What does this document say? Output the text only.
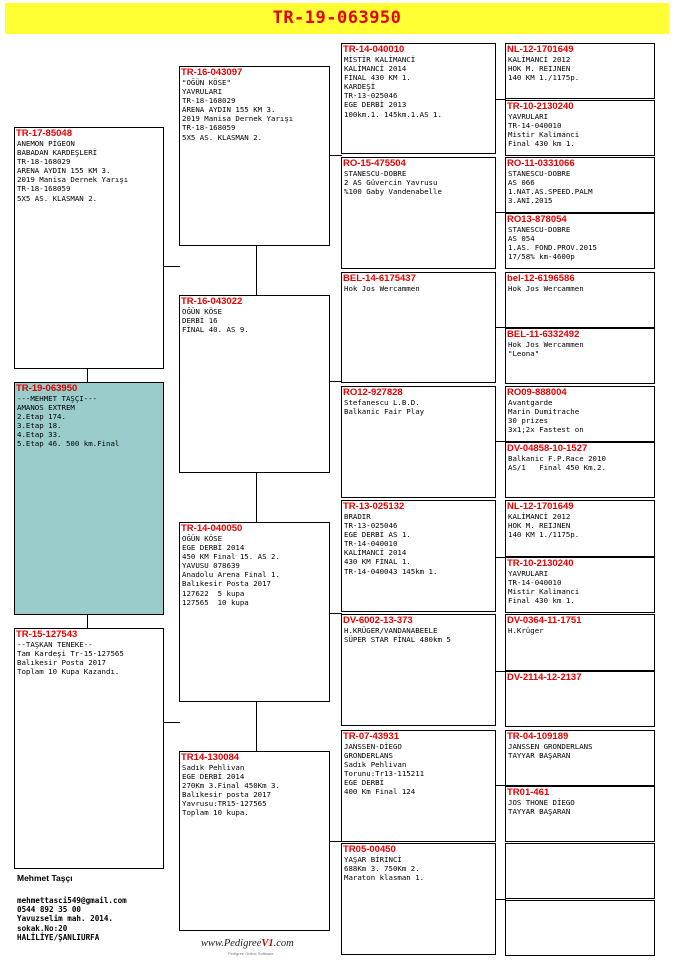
TR-19-063950
TR-17-85048
ANEMON PİGEON
BABADAN KARDEŞLERİ
TR-18-168029
ARENA AYDIN 155 KM 3.
2019 Manisa Dernek Yarışı
TR-18-168059
5X5 AS. KLASMAN 2.
TR-19-063950
---MEHMET TAŞÇI---
AMANOS EXTREM
2.Etap 174.
3.Etap 18.
4.Etap 33.
5.Etap 46. 500 km.Final
TR-15-127543
--TAŞKAN TENEKE--
Tam Kardeşi Tr-15-127565
Balıkesir Posta 2017
Toplam 10 Kupa Kazandı.
TR-16-043097
"OĞÜN KÖSE"
YAVRULARI
TR-18-168029
ARENA AYDIN 155 KM 3.
2019 Manisa Dernek Yarışı
TR-18-168059
5X5 AS. KLASMAN 2.
TR-16-043022
OĞÜN KÖSE
DERBİ 16
FİNAL 40. AS 9.
TR-14-040050
OĞÜN KÖSE
EGE DERBİ 2014
450 KM Final 15. AS 2.
YAVUSU 078639
Anadolu Arena Final 1.
Balıkesir Posta 2017
127622  5 kupa
127565  10 kupa
TR14-130084
Sadık Pehlivan
EGE DERBİ 2014
270Km 3.Final 450Km 3.
Balıkesir posta 2017
Yavrusu:TR15-127565
Toplam 10 kupa.
TR-14-040010
MİSTİR KALİMANCİ
KALİMANCİ 2014
FİNAL 430 KM 1.
KARDEŞİ
TR-13-025046
EGE DERBİ 2013
100km.1. 145km.1.AS 1.
RO-15-475504
STANESCU-DOBRE
2 AS Güvercin Yavrusu
%100 Gaby Vandenabelle
BEL-14-6175437
Hok Jos Wercammen
RO12-927828
Stefanescu L.B.D.
Balkanic Fair Play
TR-13-025132
BRADIR
TR-13-025046
EGE DERBİ AS 1.
TR-14-040010
KALİMANCİ 2014
430 KM FİNAL 1.
TR-14-040043 145km 1.
DV-6002-13-373
H.KRÜGER/VANDANABEELE
SÜPER STAR FİNAL 480km 5
TR-07-43931
JANSSEN-DİEGO
GRONDERLANS
Sadık Pehlivan
Torunu:Tr13-115211
EGE DERBİ
400 Km Final 124
TR05-00450
YAŞAR BİRİNCİ
688Km 3. 750Km 2.
Maraton klasman 1.
NL-12-1701649
KALİMANCİ 2012
HOK M. REIJNEN
140 KM 1./1175p.
TR-10-2130240
YAVRULARI
TR-14-040010
Mistir Kalimanci
Final 430 km 1.
RO-11-0331066
STANESCU-DOBRE
AS 066
1.NAT.AS.SPEED.PALM
3.ANİ.2015
RO13-878054
STANESCU-DOBRE
AS 054
1.AS. FOND.PROV.2015
17/58% km-4600p
bel-12-6196586
Hok Jos Wercammen
BEL-11-6332492
Hok Jos Wercammen
"Leona"
RO09-888004
Avantgarde
Marin Dumitrache
30 prizes
3x1;2x Fastest on
DV-04858-10-1527
Balkanic F.P.Race 2010
AS/1   Final 450 Km.2.
NL-12-1701649
KALİMANCİ 2012
HOK M. REIJNEN
140 KM 1./1175p.
TR-10-2130240
YAVRULARI
TR-14-040010
Mistir Kalimanci
Final 430 km 1.
DV-0364-11-1751
H.Krüger
DV-2114-12-2137
TR-04-109189
JANSSEN GRONDERLANS
TAYYAR BAŞARAN
TR01-461
JOS THONE DİEGO
TAYYAR BAŞARAN
Mehmet Taşçı
mehmettasci549@gmail.com
0544 892 35 00
Yavuzselim mah. 2014.
sokak.No:20
HALİLİYE/ŞANLIURFA
www.PedigreeV1.com
Pedigree Online Software
